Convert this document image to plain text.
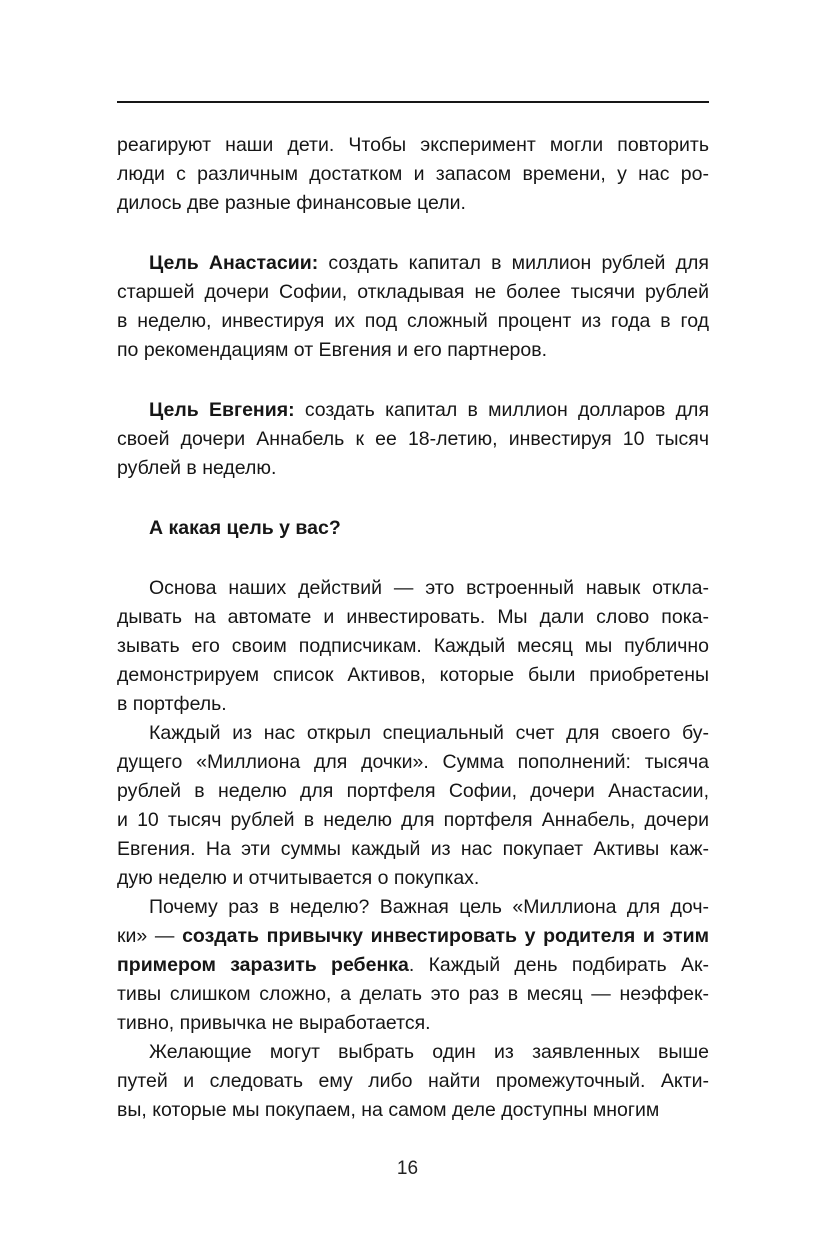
реагируют наши дети. Чтобы эксперимент могли повторить
люди с различным достатком и запасом времени, у нас ро-
дилось две разные финансовые цели.
Цель Анастасии: создать капитал в миллион рублей для
старшей дочери Софии, откладывая не более тысячи рублей
в неделю, инвестируя их под сложный процент из года в год
по рекомендациям от Евгения и его партнеров.
Цель Евгения: создать капитал в миллион долларов для
своей дочери Аннабель к ее 18-летию, инвестируя 10 тысяч
рублей в неделю.
А какая цель у вас?
Основа наших действий — это встроенный навык откла-
дывать на автомате и инвестировать. Мы дали слово пока-
зывать его своим подписчикам. Каждый месяц мы публично
демонстрируем список Активов, которые были приобретены
в портфель.
Каждый из нас открыл специальный счет для своего бу-
дущего «Миллиона для дочки». Сумма пополнений: тысяча
рублей в неделю для портфеля Софии, дочери Анастасии,
и 10 тысяч рублей в неделю для портфеля Аннабель, дочери
Евгения. На эти суммы каждый из нас покупает Активы каж-
дую неделю и отчитывается о покупках.
Почему раз в неделю? Важная цель «Миллиона для доч-
ки» — создать привычку инвестировать у родителя и этим
примером заразить ребенка. Каждый день подбирать Ак-
тивы слишком сложно, а делать это раз в месяц — неэффек-
тивно, привычка не выработается.
Желающие могут выбрать один из заявленных выше
путей и следовать ему либо найти промежуточный. Акти-
вы, которые мы покупаем, на самом деле доступны многим
16
